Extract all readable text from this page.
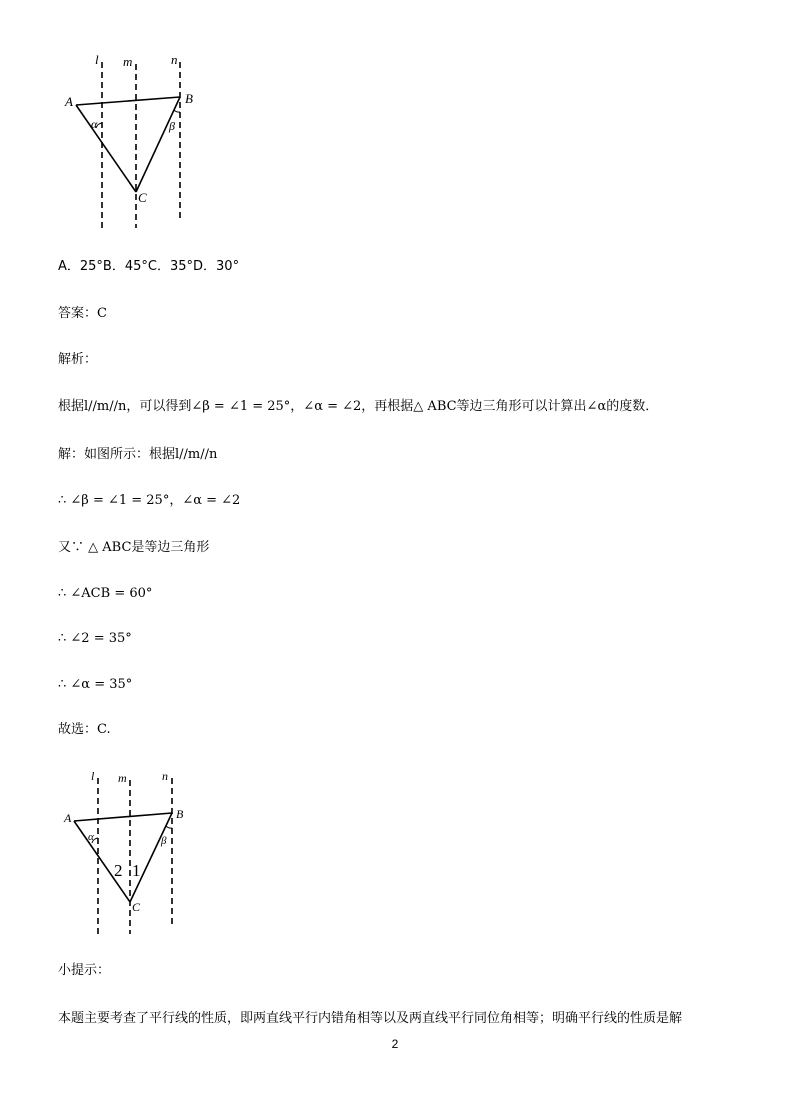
l m	n
A	B
C
α	β
A．25°B．45°C．35°D．30°
答案：C
解析：
根据l//m//n，可以得到∠β = ∠1 = 25°，∠α = ∠2，再根据△ ABC等边三角形可以计算出∠α的度数．
解：如图所示：根据l//m//n
∴ ∠β = ∠1 = 25°，∠α = ∠2
又∵ △ ABC是等边三角形
∴ ∠ACB = 60°
∴ ∠2 = 35°
∴ ∠α = 35°
故选：C.
l m	n
A	B
C
α	β
2 1
小提示：
本题主要考查了平行线的性质，即两直线平行内错角相等以及两直线平行同位角相等；明确平行线的性质是解
2
